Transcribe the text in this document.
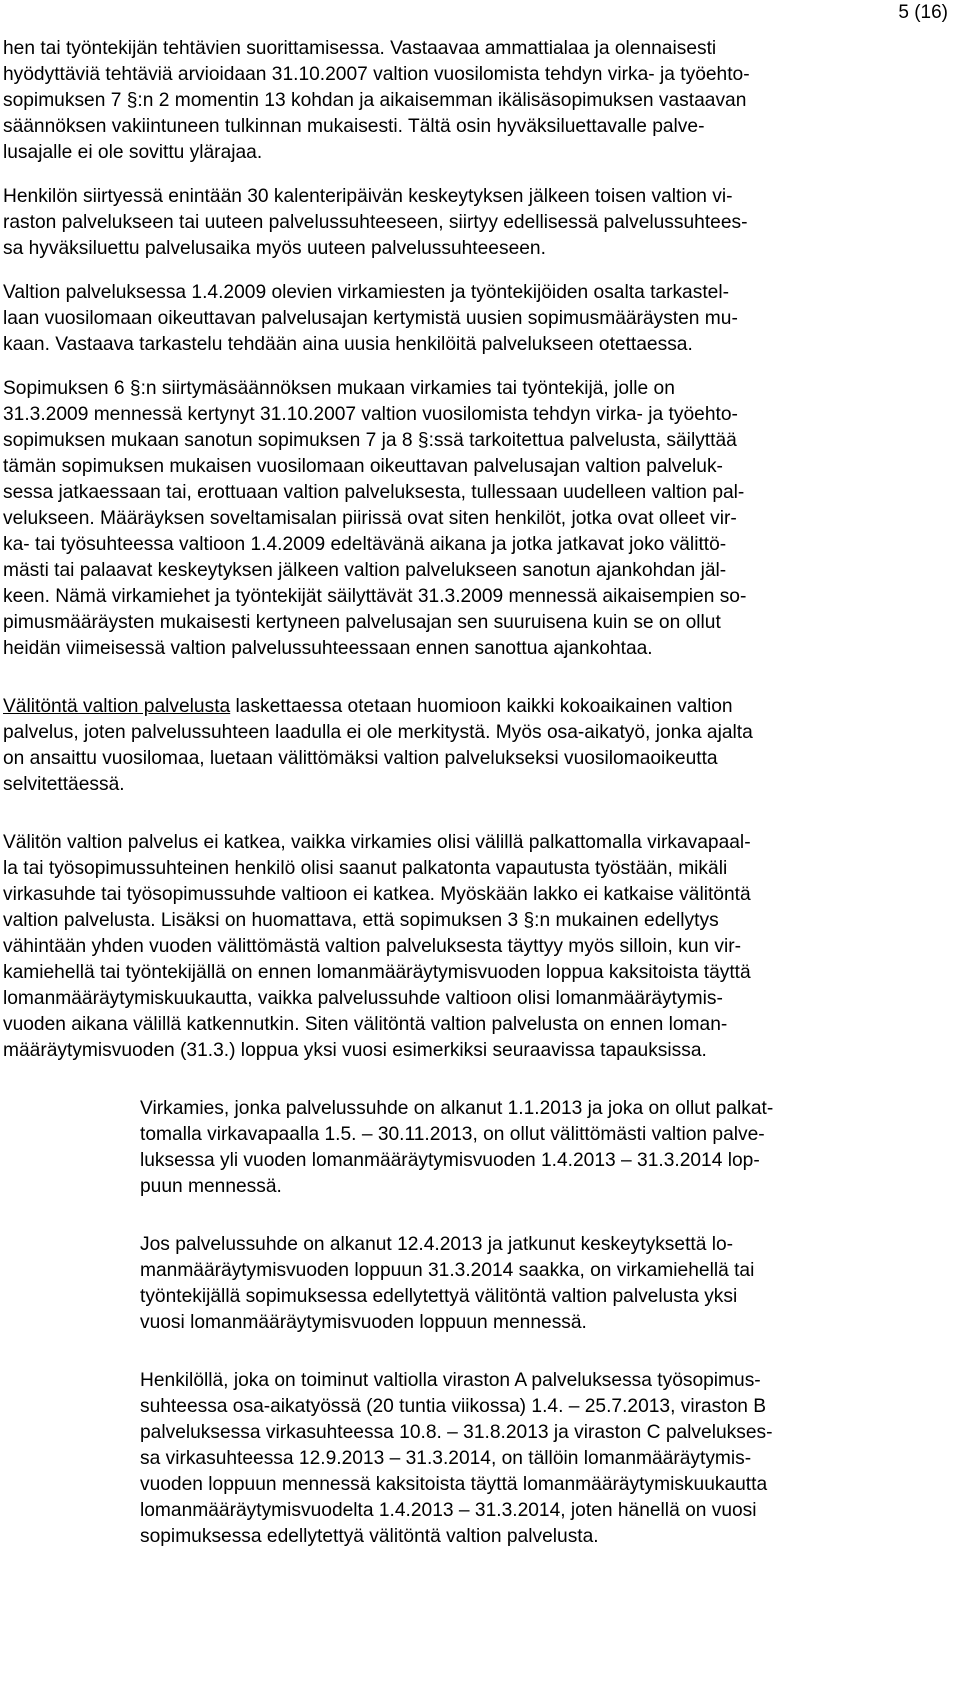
5 (16)
hen tai työntekijän tehtävien suorittamisessa. Vastaavaa ammattialaa ja olennaisesti
hyödyttäviä tehtäviä arvioidaan 31.10.2007 valtion vuosilomista tehdyn virka- ja työehto-
sopimuksen 7 §:n 2 momentin 13 kohdan ja aikaisemman ikälisäsopimuksen vastaavan
säännöksen vakiintuneen tulkinnan mukaisesti. Tältä osin hyväksiluettavalle palve-
lusajalle ei ole sovittu ylärajaa.
Henkilön siirtyessä enintään 30 kalenteripäivän keskeytyksen jälkeen toisen valtion vi-
raston palvelukseen tai uuteen palvelussuhteeseen, siirtyy edellisessä palvelussuhtees-
sa hyväksiluettu palvelusaika myös uuteen palvelussuhteeseen.
Valtion palveluksessa 1.4.2009 olevien virkamiesten ja työntekijöiden osalta tarkastel-
laan vuosilomaan oikeuttavan palvelusajan kertymistä uusien sopimusmääräysten mu-
kaan. Vastaava tarkastelu tehdään aina uusia henkilöitä palvelukseen otettaessa.
Sopimuksen 6 §:n siirtymäsäännöksen mukaan virkamies tai työntekijä, jolle on
31.3.2009 mennessä kertynyt 31.10.2007 valtion vuosilomista tehdyn virka- ja työehto-
sopimuksen mukaan sanotun sopimuksen 7 ja 8 §:ssä tarkoitettua palvelusta, säilyttää
tämän sopimuksen mukaisen vuosilomaan oikeuttavan palvelusajan valtion palveluk-
sessa jatkaessaan tai, erottuaan valtion palveluksesta, tullessaan uudelleen valtion pal-
velukseen. Määräyksen soveltamisalan piirissä ovat siten henkilöt, jotka ovat olleet vir-
ka- tai työsuhteessa valtioon 1.4.2009 edeltävänä aikana ja jotka jatkavat joko välittö-
mästi tai palaavat keskeytyksen jälkeen valtion palvelukseen sanotun ajankohdan jäl-
keen. Nämä virkamiehet ja työntekijät säilyttävät 31.3.2009 mennessä aikaisempien so-
pimusmääräysten mukaisesti kertyneen palvelusajan sen suuruisena kuin se on ollut
heidän viimeisessä valtion palvelussuhteessaan ennen sanottua ajankohtaa.
Välitöntä valtion palvelusta laskettaessa otetaan huomioon kaikki kokoaikainen valtion
palvelus, joten palvelussuhteen laadulla ei ole merkitystä. Myös osa-aikatyö, jonka ajalta
on ansaittu vuosilomaa, luetaan välittömäksi valtion palvelukseksi vuosilomaoikeutta
selvitettäessä.
Välitön valtion palvelus ei katkea, vaikka virkamies olisi välillä palkattomalla virkavapaal-
la tai työsopimussuhteinen henkilö olisi saanut palkatonta vapautusta työstään, mikäli
virkasuhde tai työsopimussuhde valtioon ei katkea. Myöskään lakko ei katkaise välitöntä
valtion palvelusta. Lisäksi on huomattava, että sopimuksen 3 §:n mukainen edellytys
vähintään yhden vuoden välittömästä valtion palveluksesta täyttyy myös silloin, kun vir-
kamiehellä tai työntekijällä on ennen lomanmääräytymisvuoden loppua kaksitoista täyttä
lomanmääräytymiskuukautta, vaikka palvelussuhde valtioon olisi lomanmääräytymis-
vuoden aikana välillä katkennutkin. Siten välitöntä valtion palvelusta on ennen loman-
määräytymisvuoden (31.3.) loppua yksi vuosi esimerkiksi seuraavissa tapauksissa.
Virkamies, jonka palvelussuhde on alkanut 1.1.2013 ja joka on ollut palkat-
tomalla virkavapaalla 1.5. – 30.11.2013, on ollut välittömästi valtion palve-
luksessa yli vuoden lomanmääräytymisvuoden 1.4.2013 – 31.3.2014 lop-
puun mennessä.
Jos palvelussuhde on alkanut 12.4.2013 ja jatkunut keskeytyksettä lo-
manmääräytymisvuoden loppuun 31.3.2014 saakka, on virkamiehellä tai
työntekijällä sopimuksessa edellytettyä välitöntä valtion palvelusta yksi
vuosi lomanmääräytymisvuoden loppuun mennessä.
Henkilöllä, joka on toiminut valtiolla viraston A palveluksessa työsopimus-
suhteessa osa-aikatyössä (20 tuntia viikossa) 1.4. – 25.7.2013, viraston B
palveluksessa virkasuhteessa 10.8. – 31.8.2013 ja viraston C palvelukses-
sa virkasuhteessa 12.9.2013 – 31.3.2014, on tällöin lomanmääräytymis-
vuoden loppuun mennessä kaksitoista täyttä lomanmääräytymiskuukautta
lomanmääräytymisvuodelta 1.4.2013 – 31.3.2014, joten hänellä on vuosi
sopimuksessa edellytettyä välitöntä valtion palvelusta.
